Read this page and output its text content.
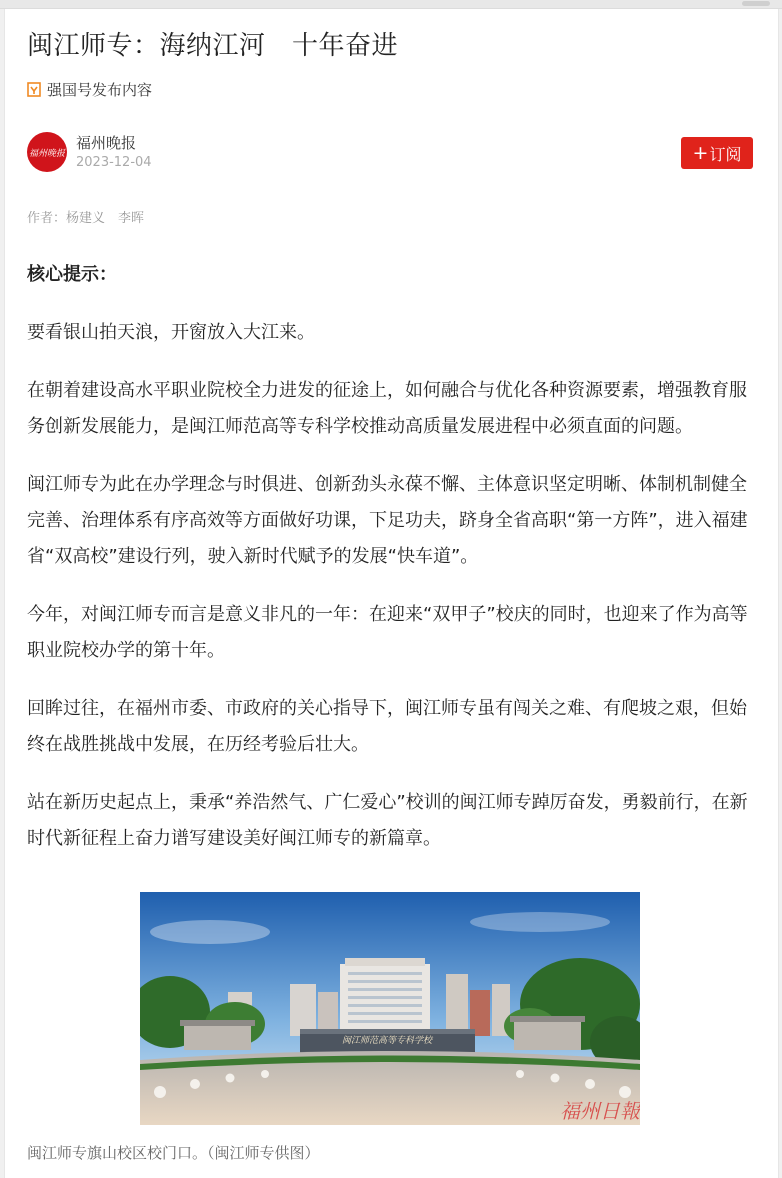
闽江师专：海纳江河　十年奋进
强国号发布内容
福州晚报
福州晚报
2023-12-04	+ 订阅
作者：杨建义　李晖

核心提示：

要看银山拍天浪，开窗放入大江来。

在朝着建设高水平职业院校全力进发的征途上，如何融合与优化各种资源要素，增强教育服务创新发展能力，是闽江师范高等专科学校推动高质量发展进程中必须直面的问题。

闽江师专为此在办学理念与时俱进、创新劲头永葆不懈、主体意识坚定明晰、体制机制健全完善、治理体系有序高效等方面做好功课，下足功夫，跻身全省高职“第一方阵”，进入福建省“双高校”建设行列，驶入新时代赋予的发展“快车道”。

今年，对闽江师专而言是意义非凡的一年：在迎来“双甲子”校庆的同时，也迎来了作为高等职业院校办学的第十年。

回眸过往，在福州市委、市政府的关心指导下，闽江师专虽有闯关之难、有爬坡之艰，但始终在战胜挑战中发展，在历经考验后壮大。

站在新历史起点上，秉承“养浩然气、广仁爱心”校训的闽江师专踔厉奋发，勇毅前行，在新时代新征程上奋力谱写建设美好闽江师专的新篇章。

闽江师范高等专科学校
福州日報
闽江师专旗山校区校门口。（闽江师专供图）
